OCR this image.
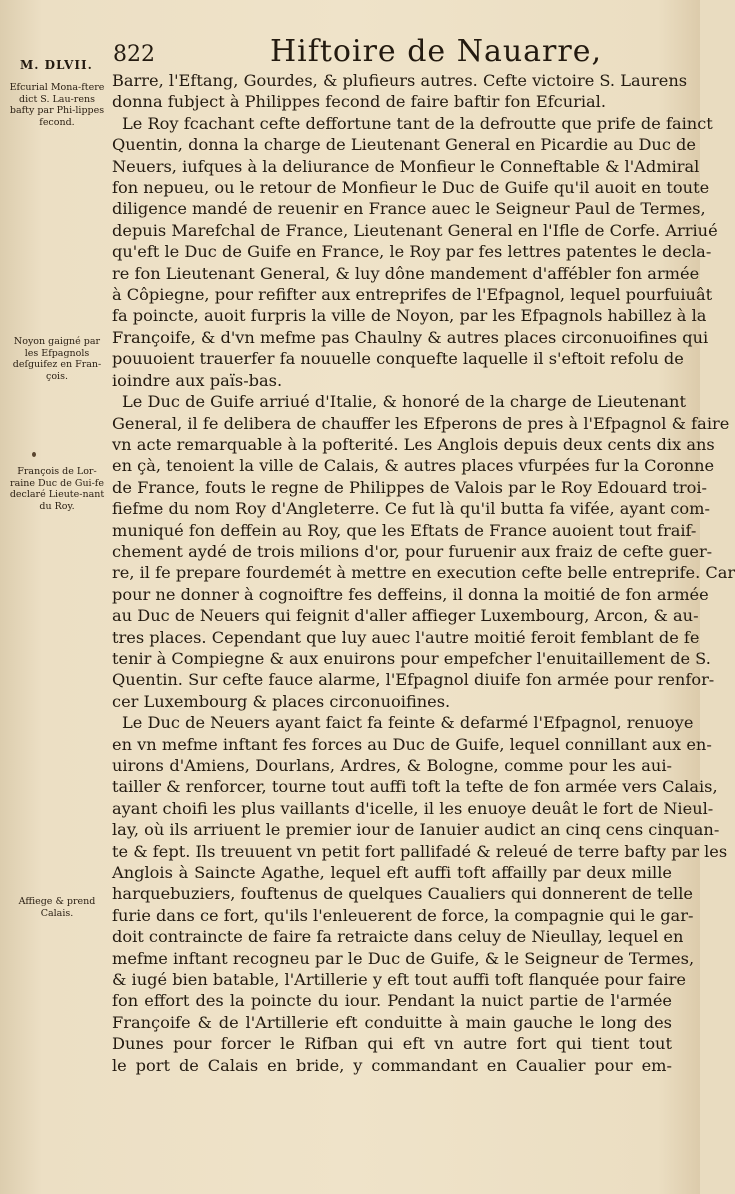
M. DLVII. 822	Hiftoire de Nauarre,
Efcurial Mona-ftere dict S. Lau-rens bafty par Phi-lippes fecond.
Noyon gaigné par les Efpagnols deſguifez en Fran-çois.
François de Lor-raine Duc de Gui-fe declaré Lieute-nant du Roy.
Affiege & prend Calais.
Barre, l'Eftang, Gourdes, & plufieurs autres. Cefte victoire S. Laurens
donna fubject à Philippes fecond de faire baftir fon Efcurial.
Le Roy fcachant cefte deffortune tant de la defroutte que prife de fainct
Quentin, donna la charge de Lieutenant General en Picardie au Duc de
Neuers, iufques à la deliurance de Monfieur le Conneftable & l'Admiral
fon nepueu, ou le retour de Monfieur le Duc de Guife qu'il auoit en toute
diligence mandé de reuenir en France auec le Seigneur Paul de Termes,
depuis Marefchal de France, Lieutenant General en l'Ifle de Corfe. Arriué
qu'eft le Duc de Guife en France, le Roy par fes lettres patentes le decla-
re fon Lieutenant General, & luy dône mandement d'affébler fon armée
à Côpiegne, pour refifter aux entreprifes de l'Efpagnol, lequel pourfuiuât
fa poincte, auoit furpris la ville de Noyon, par les Efpagnols habillez à la
Françoife, & d'vn mefme pas Chaulny & autres places circonuoifines qui
pouuoient trauerfer fa nouuelle conquefte laquelle il s'eftoit refolu de
ioindre aux païs-bas.
Le Duc de Guife arriué d'Italie, & honoré de la charge de Lieutenant
General, il fe delibera de chauffer les Efperons de pres à l'Efpagnol & faire
vn acte remarquable à la pofterité. Les Anglois depuis deux cents dix ans
en çà, tenoient la ville de Calais, & autres places vfurpées fur la Coronne
de France, fouts le regne de Philippes de Valois par le Roy Edouard troi-
fiefme du nom Roy d'Angleterre. Ce fut là qu'il butta fa vifée, ayant com-
muniqué fon deffein au Roy, que les Eftats de France auoient tout fraif-
chement aydé de trois milions d'or, pour furuenir aux fraiz de cefte guer-
re, il fe prepare fourdemét à mettre en execution cefte belle entreprife. Car
pour ne donner à cognoiftre fes deffeins, il donna la moitié de fon armée
au Duc de Neuers qui feignit d'aller affieger Luxembourg, Arcon, & au-
tres places. Cependant que luy auec l'autre moitié feroit femblant de fe
tenir à Compiegne & aux enuirons pour empefcher l'enuitaillement de S.
Quentin. Sur cefte fauce alarme, l'Efpagnol diuife fon armée pour renfor-
cer Luxembourg & places circonuoifines.
Le Duc de Neuers ayant faict fa feinte & defarmé l'Efpagnol, renuoye
en vn mefme inftant fes forces au Duc de Guife, lequel connillant aux en-
uirons d'Amiens, Dourlans, Ardres, & Bologne, comme pour les aui-
tailler & renforcer, tourne tout auffi toft la tefte de fon armée vers Calais,
ayant choifi les plus vaillants d'icelle, il les enuoye deuât le fort de Nieul-
lay, où ils arriuent le premier iour de Ianuier audict an cinq cens cinquan-
te & fept. Ils treuuent vn petit fort pallifadé & releué de terre bafty par les
Anglois à Saincte Agathe, lequel eft auffi toft affailly par deux mille
harquebuziers, fouftenus de quelques Caualiers qui donnerent de telle
furie dans ce fort, qu'ils l'enleuerent de force, la compagnie qui le gar-
doit contraincte de faire fa retraicte dans celuy de Nieullay, lequel en
mefme inftant recogneu par le Duc de Guife, & le Seigneur de Termes,
& iugé bien batable, l'Artillerie y eft tout auffi toft flanquée pour faire
fon effort des la poincte du iour. Pendant la nuict partie de l'armée
Françoife & de l'Artillerie eft conduitte à main gauche le long des
Dunes pour forcer le Rifban qui eft vn autre fort qui tient tout
le port de Calais en bride, y commandant en Caualier pour em-
